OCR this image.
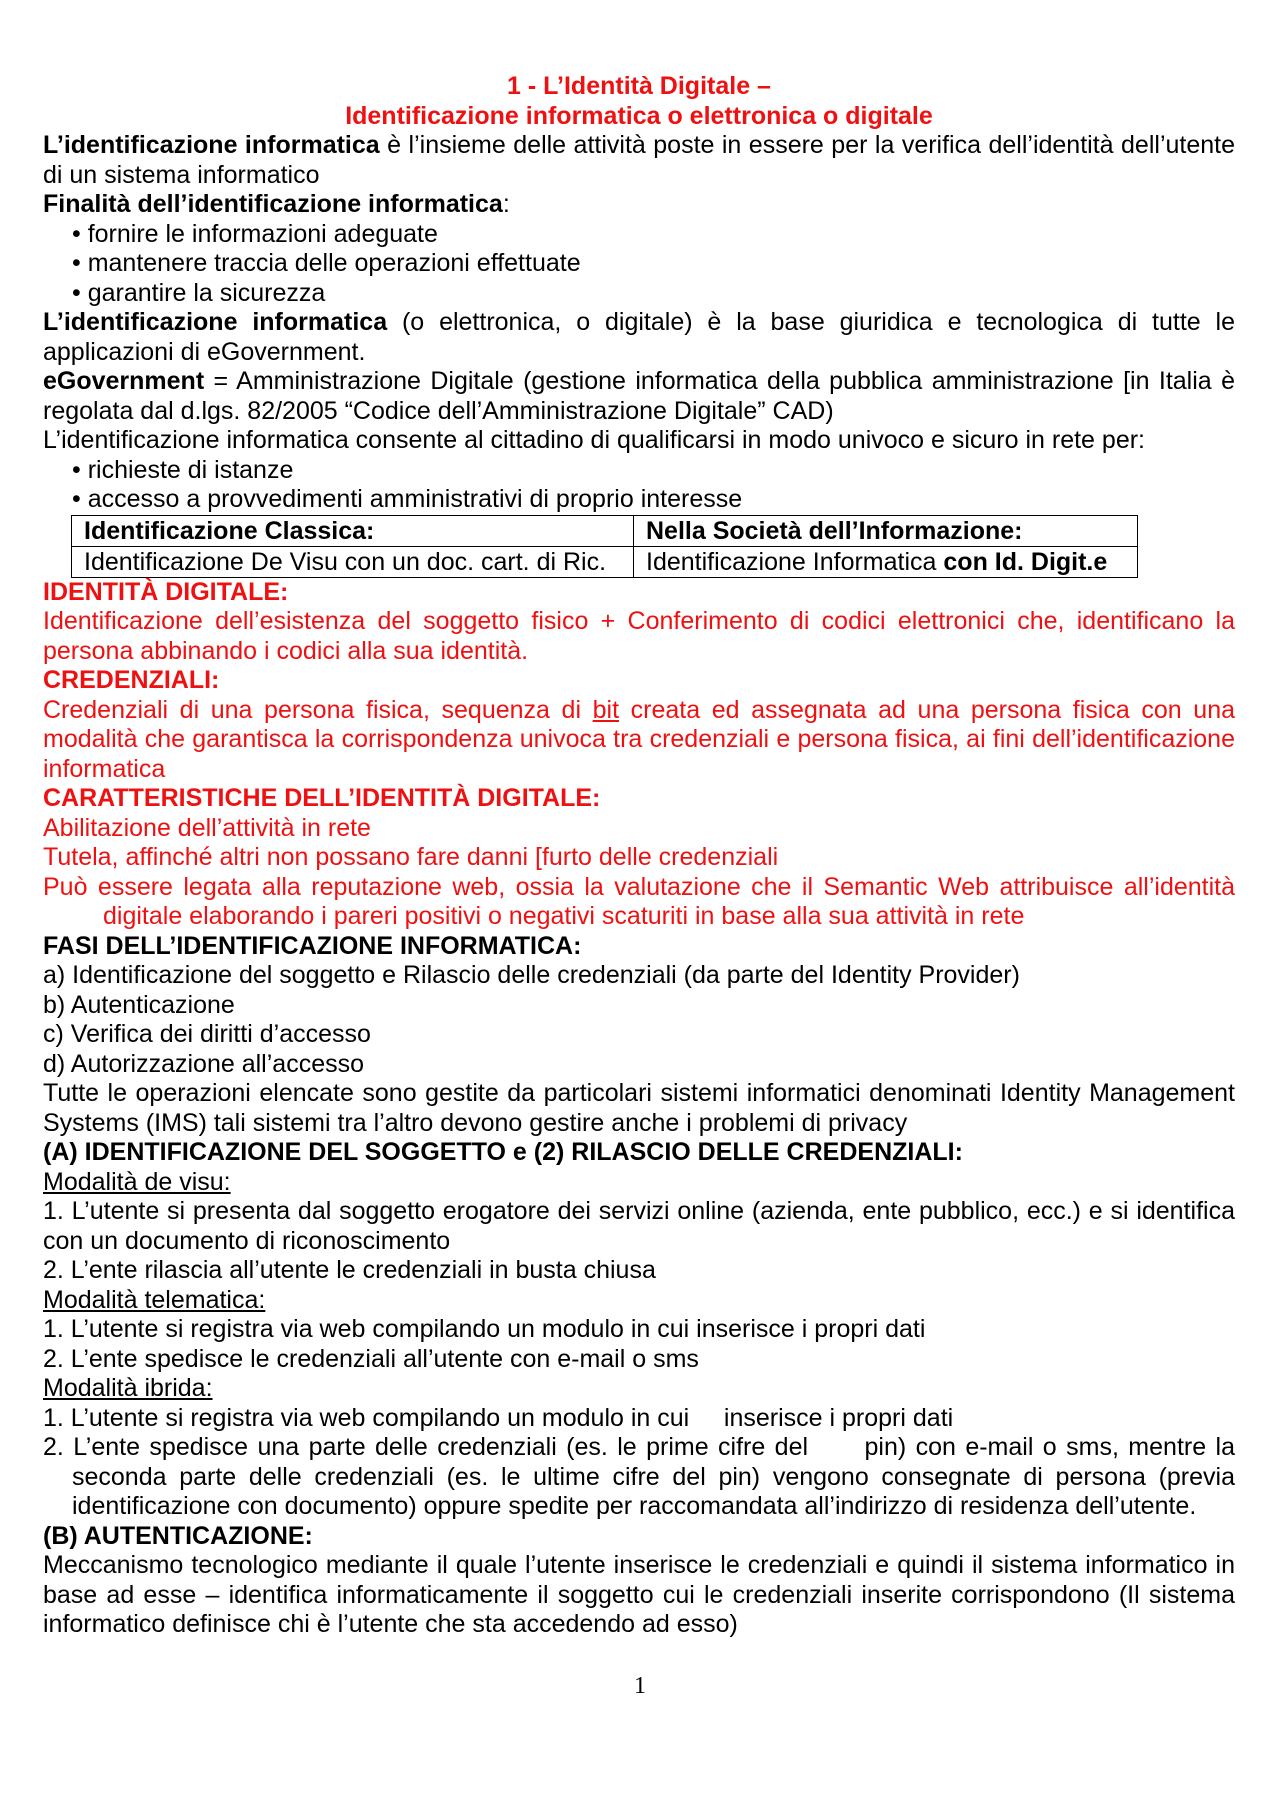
1 - L’Identità Digitale –

Identificazione informatica o elettronica o digitale

L’identificazione informatica è l’insieme delle attività poste in essere per la verifica dell’identità dell’utente di un sistema informatico

Finalità dell’identificazione informatica:

• fornire le informazioni adeguate

• mantenere traccia delle operazioni effettuate

• garantire la sicurezza

L’identificazione informatica (o elettronica, o digitale) è la base giuridica e tecnologica di tutte le applicazioni di eGovernment.

eGovernment = Amministrazione Digitale (gestione informatica della pubblica amministrazione [in Italia è regolata dal d.lgs. 82/2005 “Codice dell’Amministrazione Digitale” CAD)

L’identificazione informatica consente al cittadino di qualificarsi in modo univoco e sicuro in rete per:

• richieste di istanze

• accesso a provvedimenti amministrativi di proprio interesse

Identificazione Classica:	Nella Società dell’Informazione:
Identificazione De Visu con un doc. cart. di Ric.	Identificazione Informatica con Id. Digit.e

IDENTITÀ DIGITALE:

Identificazione dell’esistenza del soggetto fisico + Conferimento di codici elettronici che, identificano la persona abbinando i codici alla sua identità.

CREDENZIALI:

Credenziali di una persona fisica, sequenza di bit creata ed assegnata ad una persona fisica con una modalità che garantisca la corrispondenza univoca tra credenziali e persona fisica, ai fini dell’identificazione informatica

CARATTERISTICHE DELL’IDENTITÀ DIGITALE:

Abilitazione dell’attività in rete

Tutela, affinché altri non possano fare danni [furto delle credenziali

Può essere legata alla reputazione web, ossia la valutazione che il Semantic Web attribuisce all’identità digitale elaborando i pareri positivi o negativi scaturiti in base alla sua attività in rete

FASI DELL’IDENTIFICAZIONE INFORMATICA:

a) Identificazione del soggetto e Rilascio delle credenziali (da parte del Identity Provider)

b) Autenticazione

c) Verifica dei diritti d’accesso

d) Autorizzazione all’accesso

Tutte le operazioni elencate sono gestite da particolari sistemi informatici denominati Identity Management Systems (IMS) tali sistemi tra l’altro devono gestire anche i problemi di privacy

(A) IDENTIFICAZIONE DEL SOGGETTO e (2) RILASCIO DELLE CREDENZIALI:

Modalità de visu:

1. L’utente si presenta dal soggetto erogatore dei servizi online (azienda, ente pubblico, ecc.) e si identifica con un documento di riconoscimento

2. L’ente rilascia all’utente le credenziali in busta chiusa

Modalità telematica:

1. L’utente si registra via web compilando un modulo in cui inserisce i propri dati

2. L’ente spedisce le credenziali all’utente con e-mail o sms

Modalità ibrida:

1. L’utente si registra via web compilando un modulo in cui     inserisce i propri dati

2. L’ente spedisce una parte delle credenziali (es. le prime cifre del      pin) con e-mail o sms, mentre la seconda parte delle credenziali (es. le ultime cifre del pin) vengono consegnate di persona (previa identificazione con documento) oppure spedite per raccomandata all’indirizzo di residenza dell’utente.

(B) AUTENTICAZIONE:

Meccanismo tecnologico mediante il quale l’utente inserisce le credenziali e quindi il sistema informatico in base ad esse – identifica informaticamente il soggetto cui le credenziali inserite corrispondono (Il sistema informatico definisce chi è l’utente che sta accedendo ad esso)

1
